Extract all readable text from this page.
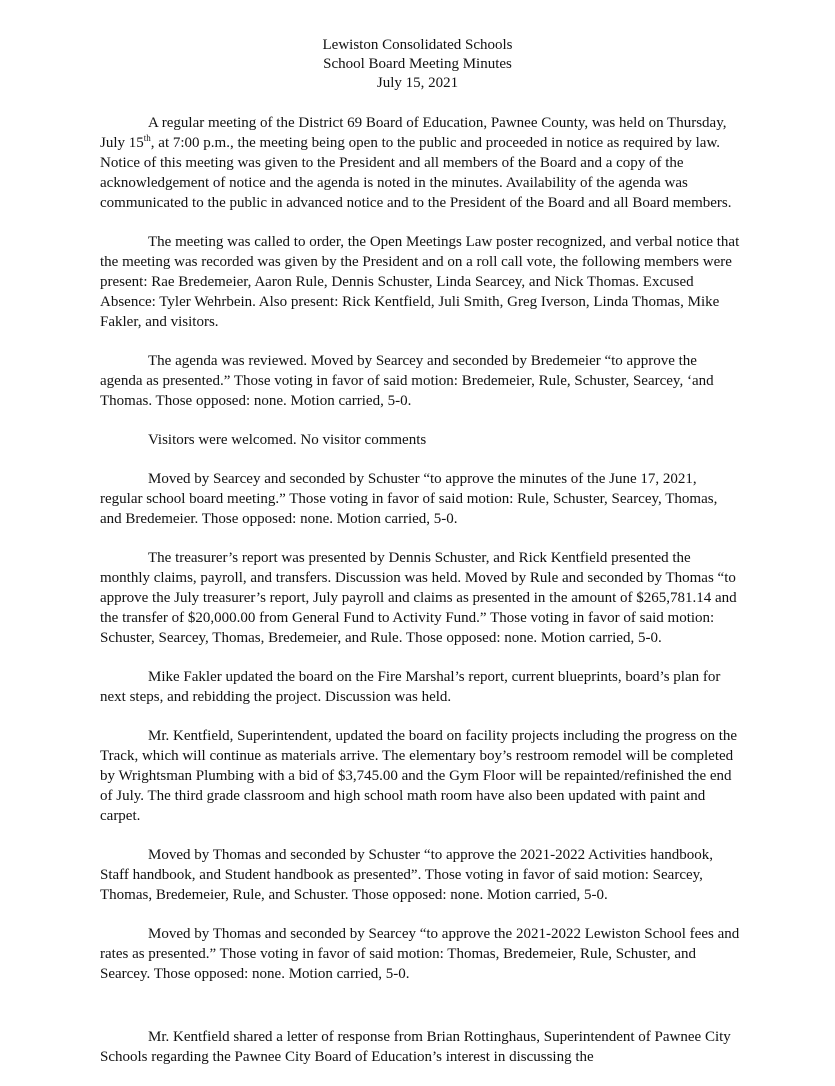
Lewiston Consolidated Schools
School Board Meeting Minutes
July 15, 2021

A regular meeting of the District 69 Board of Education, Pawnee County, was held on Thursday, July 15th, at 7:00 p.m., the meeting being open to the public and proceeded in notice as required by law. Notice of this meeting was given to the President and all members of the Board and a copy of the acknowledgement of notice and the agenda is noted in the minutes. Availability of the agenda was communicated to the public in advanced notice and to the President of the Board and all Board members.

The meeting was called to order, the Open Meetings Law poster recognized, and verbal notice that the meeting was recorded was given by the President and on a roll call vote, the following members were present: Rae Bredemeier, Aaron Rule, Dennis Schuster, Linda Searcey, and Nick Thomas. Excused Absence: Tyler Wehrbein. Also present: Rick Kentfield, Juli Smith, Greg Iverson, Linda Thomas, Mike Fakler, and visitors.

The agenda was reviewed. Moved by Searcey and seconded by Bredemeier “to approve the agenda as presented.” Those voting in favor of said motion: Bredemeier, Rule, Schuster, Searcey, ‘and Thomas. Those opposed: none. Motion carried, 5-0.

Visitors were welcomed. No visitor comments

Moved by Searcey and seconded by Schuster “to approve the minutes of the June 17, 2021, regular school board meeting.” Those voting in favor of said motion: Rule, Schuster, Searcey, Thomas, and Bredemeier. Those opposed: none. Motion carried, 5-0.

The treasurer’s report was presented by Dennis Schuster, and Rick Kentfield presented the monthly claims, payroll, and transfers. Discussion was held. Moved by Rule and seconded by Thomas “to approve the July treasurer’s report, July payroll and claims as presented in the amount of $265,781.14 and the transfer of $20,000.00 from General Fund to Activity Fund.” Those voting in favor of said motion: Schuster, Searcey, Thomas, Bredemeier, and Rule. Those opposed: none. Motion carried, 5-0.

Mike Fakler updated the board on the Fire Marshal’s report, current blueprints, board’s plan for next steps, and rebidding the project. Discussion was held.

Mr. Kentfield, Superintendent, updated the board on facility projects including the progress on the Track, which will continue as materials arrive. The elementary boy’s restroom remodel will be completed by Wrightsman Plumbing with a bid of $3,745.00 and the Gym Floor will be repainted/refinished the end of July. The third grade classroom and high school math room have also been updated with paint and carpet.

Moved by Thomas and seconded by Schuster “to approve the 2021-2022 Activities handbook, Staff handbook, and Student handbook as presented”. Those voting in favor of said motion: Searcey, Thomas, Bredemeier, Rule, and Schuster. Those opposed: none. Motion carried, 5-0.

Moved by Thomas and seconded by Searcey “to approve the 2021-2022 Lewiston School fees and rates as presented.” Those voting in favor of said motion: Thomas, Bredemeier, Rule, Schuster, and Searcey. Those opposed: none. Motion carried, 5-0.

Mr. Kentfield shared a letter of response from Brian Rottinghaus, Superintendent of Pawnee City Schools regarding the Pawnee City Board of Education’s interest in discussing the
